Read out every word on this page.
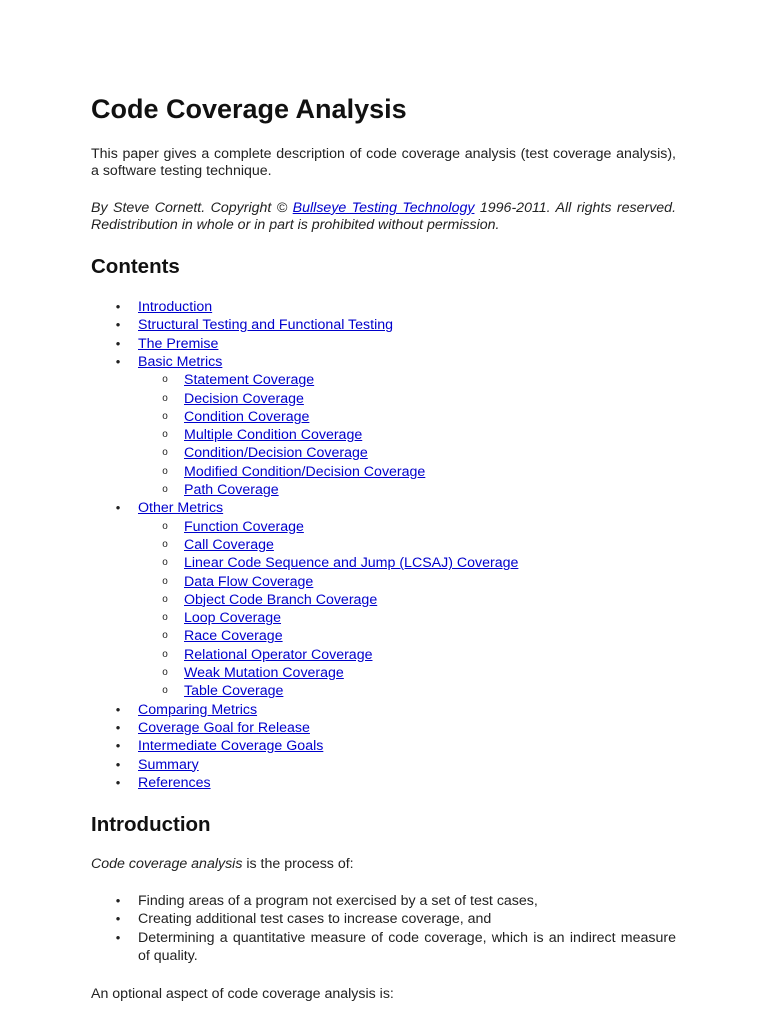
Code Coverage Analysis

This paper gives a complete description of code coverage analysis (test coverage analysis), a software testing technique.

By Steve Cornett. Copyright © Bullseye Testing Technology 1996-2011. All rights reserved. Redistribution in whole or in part is prohibited without permission.

Contents
• Introduction
• Structural Testing and Functional Testing
• The Premise
• Basic Metrics
o Statement Coverage
o Decision Coverage
o Condition Coverage
o Multiple Condition Coverage
o Condition/Decision Coverage
o Modified Condition/Decision Coverage
o Path Coverage
• Other Metrics
o Function Coverage
o Call Coverage
o Linear Code Sequence and Jump (LCSAJ) Coverage
o Data Flow Coverage
o Object Code Branch Coverage
o Loop Coverage
o Race Coverage
o Relational Operator Coverage
o Weak Mutation Coverage
o Table Coverage
• Comparing Metrics
• Coverage Goal for Release
• Intermediate Coverage Goals
• Summary
• References
Introduction

Code coverage analysis is the process of:

• Finding areas of a program not exercised by a set of test cases,
• Creating additional test cases to increase coverage, and
• Determining a quantitative measure of code coverage, which is an indirect measure of quality.

An optional aspect of code coverage analysis is:
